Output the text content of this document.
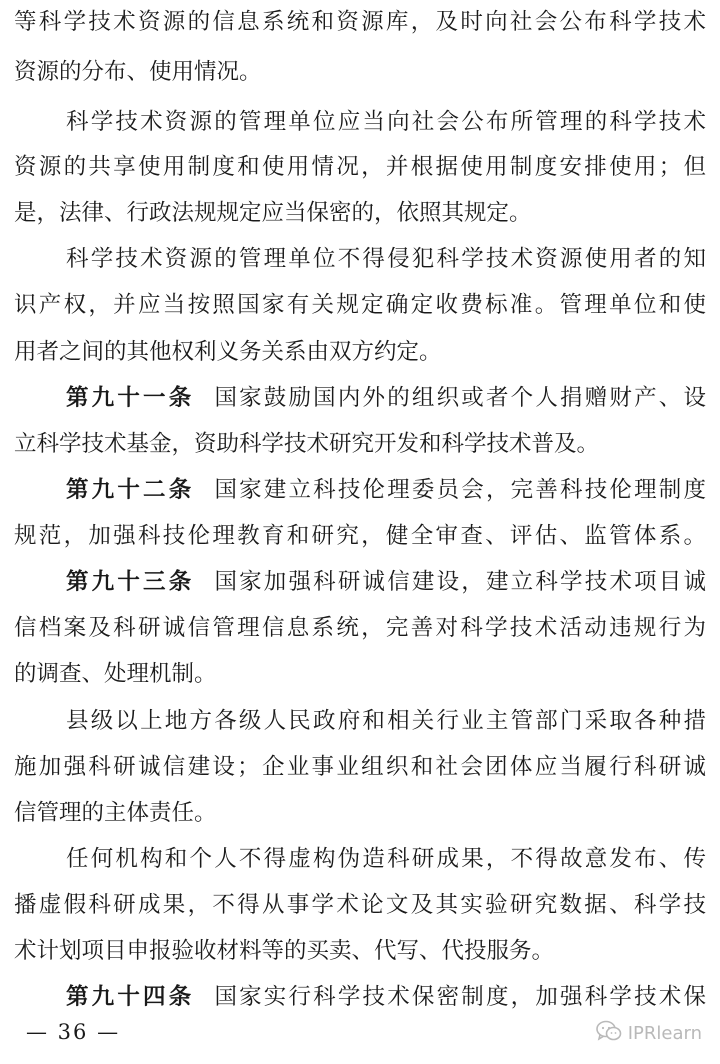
等科学技术资源的信息系统和资源库，及时向社会公布科学技术
资源的分布、使用情况。
科学技术资源的管理单位应当向社会公布所管理的科学技术
资源的共享使用制度和使用情况，并根据使用制度安排使用；但
是，法律、行政法规规定应当保密的，依照其规定。
科学技术资源的管理单位不得侵犯科学技术资源使用者的知
识产权，并应当按照国家有关规定确定收费标准。管理单位和使
用者之间的其他权利义务关系由双方约定。
第九十一条 国家鼓励国内外的组织或者个人捐赠财产、设
立科学技术基金，资助科学技术研究开发和科学技术普及。
第九十二条 国家建立科技伦理委员会，完善科技伦理制度
规范，加强科技伦理教育和研究，健全审查、评估、监管体系。
第九十三条 国家加强科研诚信建设，建立科学技术项目诚
信档案及科研诚信管理信息系统，完善对科学技术活动违规行为
的调查、处理机制。
县级以上地方各级人民政府和相关行业主管部门采取各种措
施加强科研诚信建设；企业事业组织和社会团体应当履行科研诚
信管理的主体责任。
任何机构和个人不得虚构伪造科研成果，不得故意发布、传
播虚假科研成果，不得从事学术论文及其实验研究数据、科学技
术计划项目申报验收材料等的买卖、代写、代投服务。
第九十四条 国家实行科学技术保密制度，加强科学技术保
— 36 —	IPRlearn
